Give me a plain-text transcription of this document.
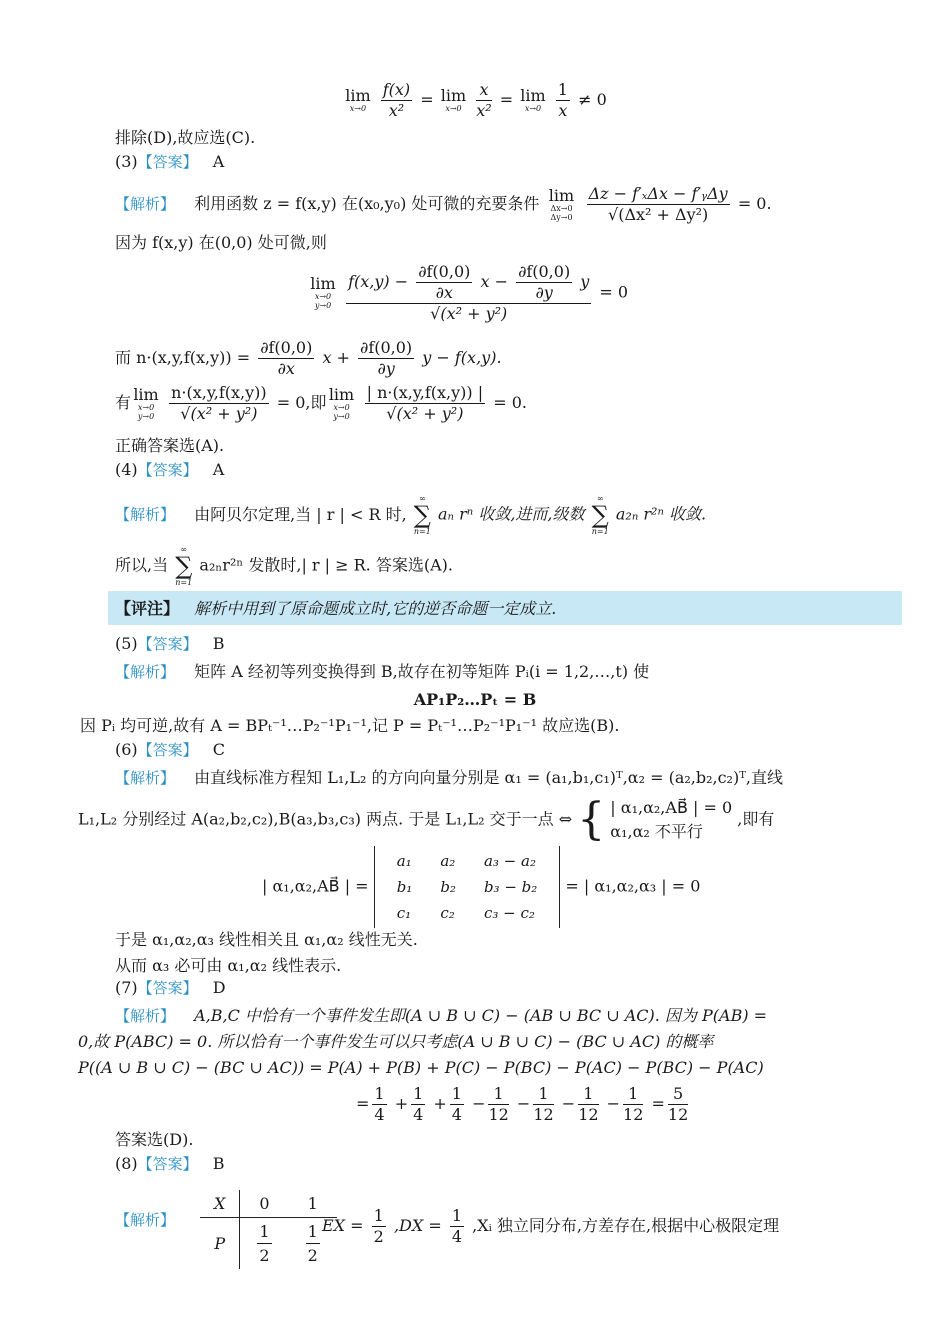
lim
x→0
$\frac{f(x)}{\text{x²}} = \lim$
x→0
$\frac{x}{\text{x²}} = \lim$
x→0
$\frac{1}{x} \ne 0$
排除(D),故应选(C).
(3)【答案】 A
【解析】 利用函数 z = f(x,y) 在(x₀,y₀) 处可微的充要条件 lim
Δx→0 Δy→0
$\frac{\text{Δz − f′ₓΔx − f′ᵧΔy}}{\text{√(Δx² + Δy²)}} = 0$.
因为 f(x,y) 在(0,0) 处可微,则
lim
x→0 y→0
$\frac{f(x,y) - \frac{\partial f(0,0)}{\partial x} x - \frac{\partial f(0,0)}{\partial y} y}{\text{√(x² + y²)}} = 0$
而 $n\cdot(x,y,f(x,y)) = \frac{\partial f(0,0)}{\partial x}$ $x + \frac{\partial f(0,0)}{\partial y}$ y − f(x,y).
有 lim
x→0 y→0
$\frac{n\cdot(x,y,f(x,y))}{\text{√(x² + y²)}} = 0$,即 lim
x→0 y→0
$\frac{| n\cdot(x,y,f(x,y)) |}{\text{√(x² + y²)}} = 0$.
正确答案选(A).
(4)【答案】 A
【解析】 由阿贝尔定理,当 | r | < R 时,
∞
∑
n=1
aₙ rⁿ 收敛,进而,级数
∞
∑
n=1
a₂ₙ r²ⁿ 收敛.
所以,当
∞
∑
n=1
a₂ₙr²ⁿ 发散时,| r | ≥ R. 答案选(A).
【评注】 解析中用到了原命题成立时,它的逆否命题一定成立.
(5)【答案】 B
【解析】 矩阵 A 经初等列变换得到 B,故存在初等矩阵 Pᵢ(i = 1,2,…,t) 使
AP₁P₂…Pₜ = B
因 Pᵢ 均可逆,故有 A = BPₜ⁻¹…P₂⁻¹P₁⁻¹,记 P = Pₜ⁻¹…P₂⁻¹P₁⁻¹ 故应选(B).
(6)【答案】 C
【解析】 由直线标准方程知 L₁,L₂ 的方向向量分别是 α₁ = (a₁,b₁,c₁)ᵀ,α₂ = (a₂,b₂,c₂)ᵀ,直线
L₁,L₂ 分别经过 A(a₂,b₂,c₂),B(a₃,b₃,c₃) 两点. 于是 L₁,L₂ 交于一点 ⇔ { | α₁,α₂,AB⃗ | = 0
α₁,α₂ 不平行
,即有
| α₁,α₂,AB⃗ | =
a₁	a₂	a₃ − a₂
b₁	b₂	b₃ − b₂
c₁	c₂	c₃ − c₂
= | α₁,α₂,α₃ | = 0
于是 α₁,α₂,α₃ 线性相关且 α₁,α₂ 线性无关.
从而 α₃ 必可由 α₁,α₂ 线性表示.
(7)【答案】 D
【解析】 A,B,C 中恰有一个事件发生即(A ∪ B ∪ C) − (AB ∪ BC ∪ AC). 因为 P(AB) =
0,故 P(ABC) = 0. 所以恰有一个事件发生可以只考虑(A ∪ B ∪ C) − (BC ∪ AC) 的概率
P((A ∪ B ∪ C) − (BC ∪ AC)) = P(A) + P(B) + P(C) − P(BC) − P(AC) − P(BC) − P(AC)
= $\frac{1}{4} + \frac{1}{4} + \frac{1}{4} - \frac{1}{12} - \frac{1}{12} - \frac{1}{12} - \frac{1}{12} = \frac{5}{12}$
答案选(D).
(8)【答案】 B
【解析】
X	0	1
P	$\frac{1}{2}$	$\frac{1}{2}$ EX = $\frac{1}{2} ,DX = \frac{1}{4}$ ,Xᵢ 独立同分布,方差存在,根据中心极限定理
